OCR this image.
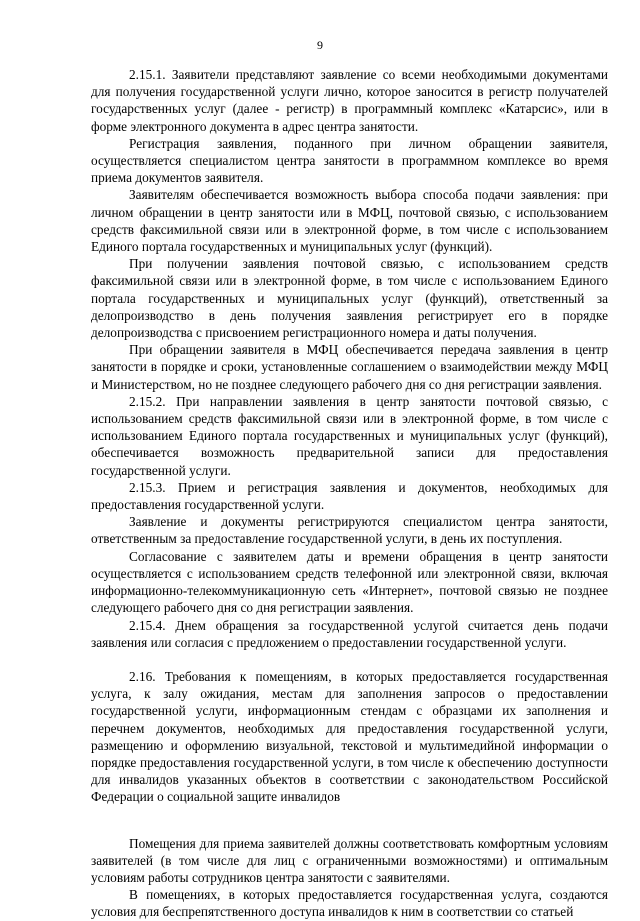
9

2.15.1. Заявители представляют заявление со всеми необходимыми документами для получения государственной услуги лично, которое заносится в регистр получателей государственных услуг (далее - регистр) в программный комплекс «Катарсис», или в форме электронного документа в адрес центра занятости.

Регистрация заявления, поданного при личном обращении заявителя, осуществляется специалистом центра занятости в программном комплексе во время приема документов заявителя.

Заявителям обеспечивается возможность выбора способа подачи заявления: при личном обращении в центр занятости или в МФЦ, почтовой связью, с использованием средств факсимильной связи или в электронной форме, в том числе с использованием Единого портала государственных и муниципальных услуг (функций).

При получении заявления почтовой связью, с использованием средств факсимильной связи или в электронной форме, в том числе с использованием Единого портала государственных и муниципальных услуг (функций), ответственный за делопроизводство в день получения заявления регистрирует его в порядке делопроизводства с присвоением регистрационного номера и даты получения.

При обращении заявителя в МФЦ обеспечивается передача заявления в центр занятости в порядке и сроки, установленные соглашением о взаимодействии между МФЦ и Министерством, но не позднее следующего рабочего дня со дня регистрации заявления.

2.15.2. При направлении заявления в центр занятости почтовой связью, с использованием средств факсимильной связи или в электронной форме, в том числе с использованием Единого портала государственных и муниципальных услуг (функций), обеспечивается возможность предварительной записи для предоставления государственной услуги.

2.15.3. Прием и регистрация заявления и документов, необходимых для предоставления государственной услуги.

Заявление и документы регистрируются специалистом центра занятости, ответственным за предоставление государственной услуги, в день их поступления.

Согласование с заявителем даты и времени обращения в центр занятости осуществляется с использованием средств телефонной или электронной связи, включая информационно-телекоммуникационную сеть «Интернет», почтовой связью не позднее следующего рабочего дня со дня регистрации заявления.

2.15.4. Днем обращения за государственной услугой считается день подачи заявления или согласия с предложением о предоставлении государственной услуги.

2.16. Требования к помещениям, в которых предоставляется государственная услуга, к залу ожидания, местам для заполнения запросов о предоставлении государственной услуги, информационным стендам с образцами их заполнения и перечнем документов, необходимых для предоставления государственной услуги, размещению и оформлению визуальной, текстовой и мультимедийной информации о порядке предоставления государственной услуги, в том числе к обеспечению доступности для инвалидов указанных объектов в соответствии с законодательством Российской Федерации о социальной защите инвалидов

Помещения для приема заявителей должны соответствовать комфортным условиям заявителей (в том числе для лиц с ограниченными возможностями) и оптимальным условиям работы сотрудников центра занятости с заявителями.

В помещениях, в которых предоставляется государственная услуга, создаются условия для беспрепятственного доступа инвалидов к ним в соответствии со статьей
